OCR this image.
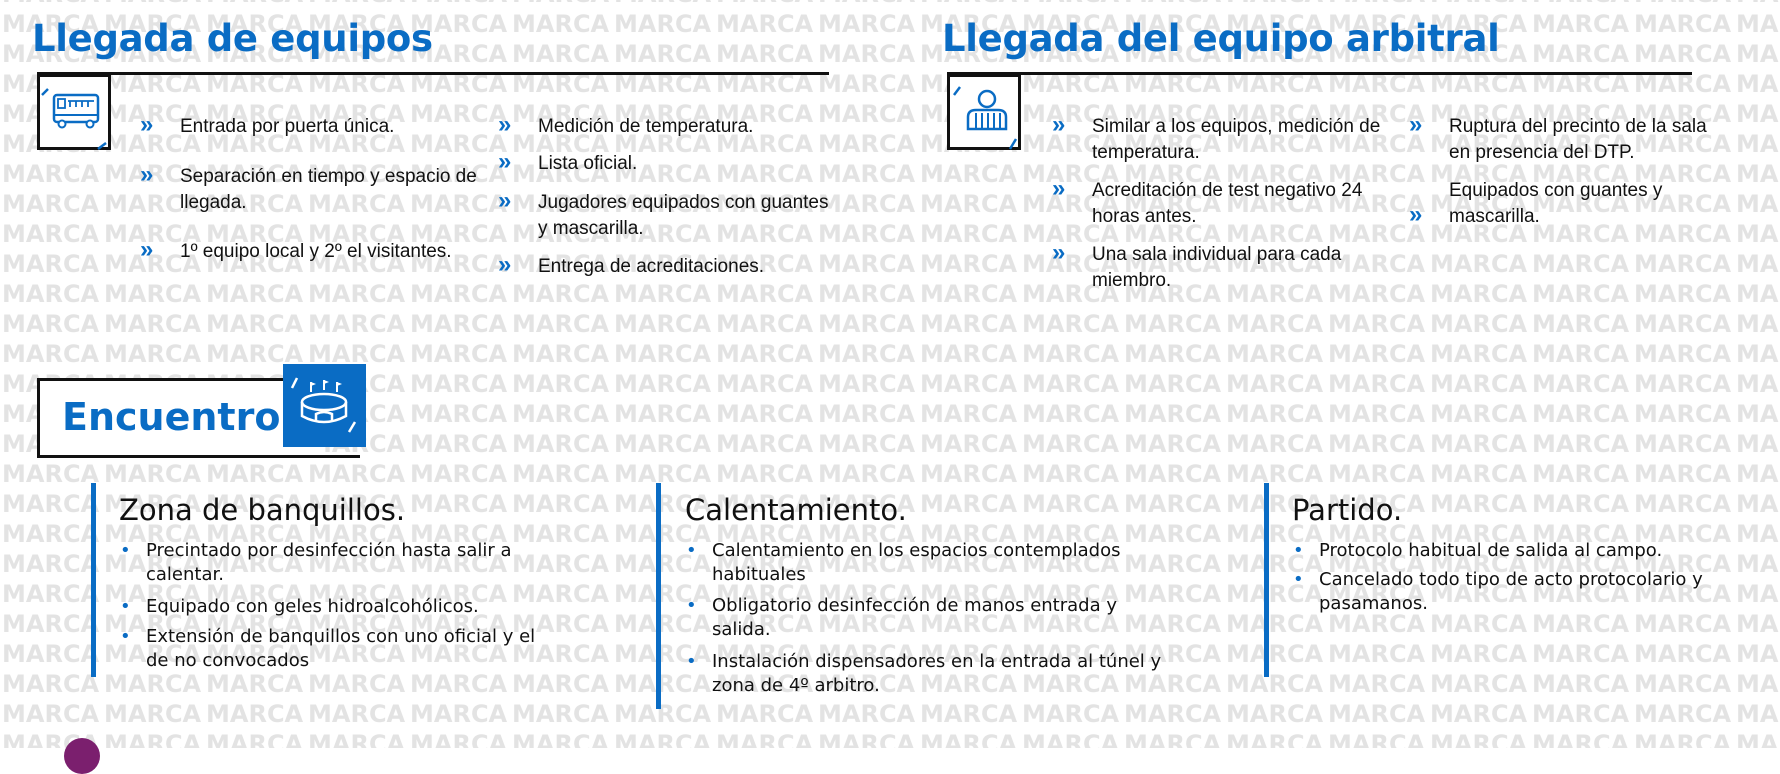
Llegada de equipos
»	Entrada por puerta única.
»	Separación en tiempo y espacio de llegada.
»	1º equipo local y 2º el visitantes.
»	Medición de temperatura.
»	Lista oficial.
»	Jugadores equipados con guantes y mascarilla.
»	Entrega de acreditaciones.
Llegada del equipo arbitral
»	Similar a los equipos, medición de temperatura.
»	Acreditación de test negativo 24 horas antes.
»	Una sala individual para cada miembro.
»	Ruptura del precinto de la sala en presencia del DTP.
»
Equipados con guantes y mascarilla.
Encuentro
Zona de banquillos.
• Precintado por desinfección hasta salir a calentar.
• Equipado con geles hidroalcohólicos.
• Extensión de banquillos con uno oficial y el de no convocados
Calentamiento.
• Calentamiento en los espacios contemplados habituales
• Obligatorio desinfección de manos entrada y salida.
• Instalación dispensadores en la entrada al túnel y zona de 4º arbitro.
Partido.
• Protocolo habitual de salida al campo.
• Cancelado todo tipo de acto protocolario y pasamanos.
